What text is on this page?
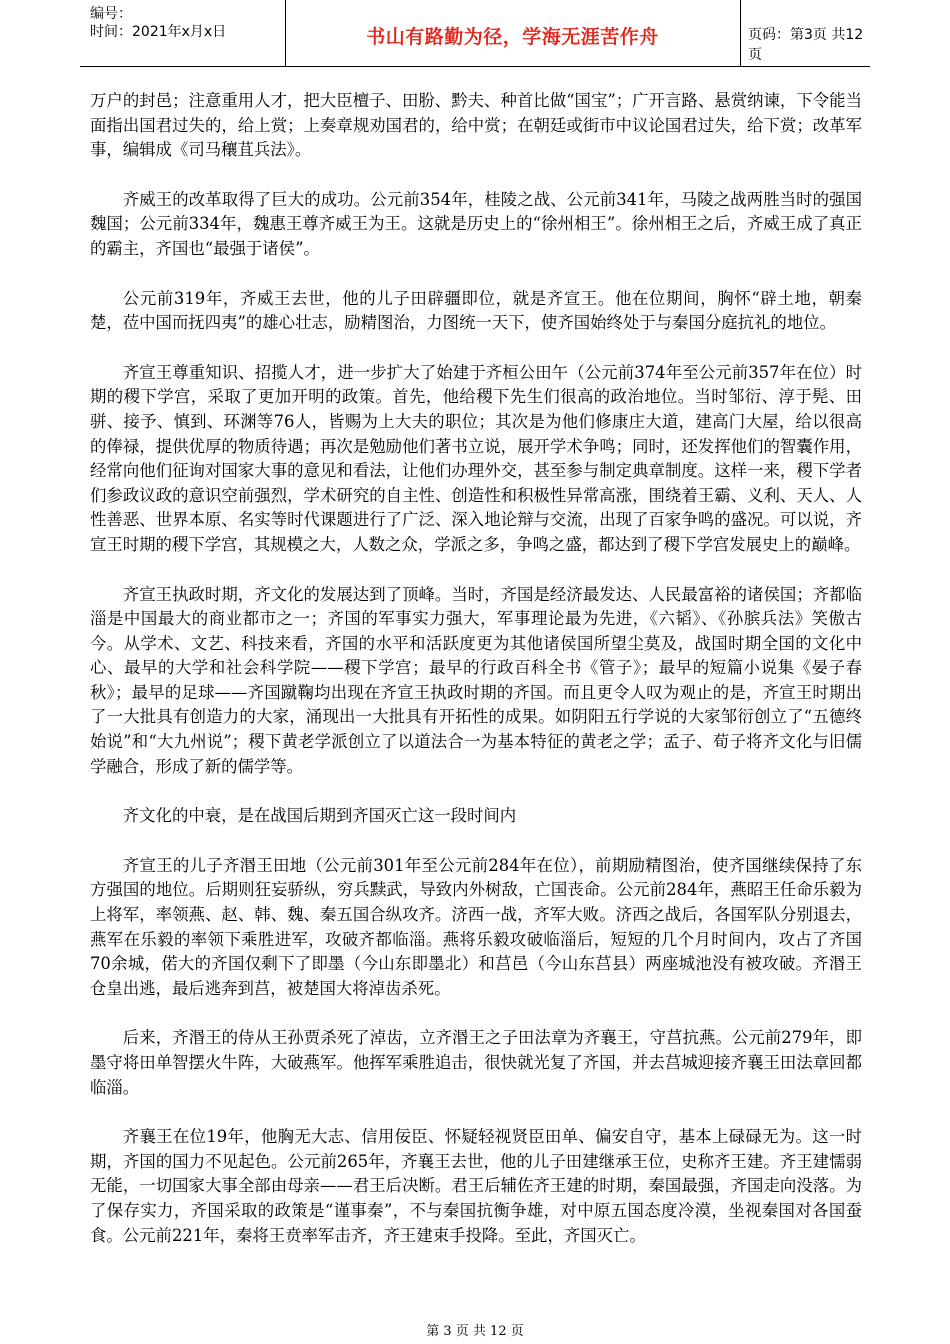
编号：
时间：2021年x月x日	书山有路勤为径，学海无涯苦作舟	页码：第3页 共12页

万户的封邑；注意重用人才，把大臣檀子、田肦、黔夫、种首比做“国宝”；广开言路、悬赏纳谏，下令能当面指出国君过失的，给上赏；上奏章规劝国君的，给中赏；在朝廷或街市中议论国君过失，给下赏；改革军事，编辑成《司马穰苴兵法》。

齐威王的改革取得了巨大的成功。公元前354年，桂陵之战、公元前341年，马陵之战两胜当时的强国魏国；公元前334年，魏惠王尊齐威王为王。这就是历史上的“徐州相王”。徐州相王之后，齐威王成了真正的霸主，齐国也“最强于诸侯”。

公元前319年，齐威王去世，他的儿子田辟疆即位，就是齐宣王。他在位期间，胸怀“辟土地，朝秦楚，莅中国而抚四夷”的雄心壮志，励精图治，力图统一天下，使齐国始终处于与秦国分庭抗礼的地位。

齐宣王尊重知识、招揽人才，进一步扩大了始建于齐桓公田午（公元前374年至公元前357年在位）时期的稷下学宫，采取了更加开明的政策。首先，他给稷下先生们很高的政治地位。当时邹衍、淳于髡、田骈、接予、慎到、环渊等76人，皆赐为上大夫的职位；其次是为他们修康庄大道，建高门大屋，给以很高的俸禄，提供优厚的物质待遇；再次是勉励他们著书立说，展开学术争鸣；同时，还发挥他们的智囊作用，经常向他们征询对国家大事的意见和看法，让他们办理外交，甚至参与制定典章制度。这样一来，稷下学者们参政议政的意识空前强烈，学术研究的自主性、创造性和积极性异常高涨，围绕着王霸、义利、天人、人性善恶、世界本原、名实等时代课题进行了广泛、深入地论辩与交流，出现了百家争鸣的盛况。可以说，齐宣王时期的稷下学宫，其规模之大，人数之众，学派之多，争鸣之盛，都达到了稷下学宫发展史上的巅峰。

齐宣王执政时期，齐文化的发展达到了顶峰。当时，齐国是经济最发达、人民最富裕的诸侯国；齐都临淄是中国最大的商业都市之一；齐国的军事实力强大，军事理论最为先进，《六韬》、《孙膑兵法》笑傲古今。从学术、文艺、科技来看，齐国的水平和活跃度更为其他诸侯国所望尘莫及，战国时期全国的文化中心、最早的大学和社会科学院——稷下学宫；最早的行政百科全书《管子》；最早的短篇小说集《晏子春秋》；最早的足球——齐国蹴鞠均出现在齐宣王执政时期的齐国。而且更令人叹为观止的是，齐宣王时期出了一大批具有创造力的大家，涌现出一大批具有开拓性的成果。如阴阳五行学说的大家邹衍创立了“五德终始说”和“大九州说”；稷下黄老学派创立了以道法合一为基本特征的黄老之学；孟子、荀子将齐文化与旧儒学融合，形成了新的儒学等。

齐文化的中衰，是在战国后期到齐国灭亡这一段时间内

齐宣王的儿子齐湣王田地（公元前301年至公元前284年在位），前期励精图治，使齐国继续保持了东方强国的地位。后期则狂妄骄纵，穷兵黩武，导致内外树敌，亡国丧命。公元前284年，燕昭王任命乐毅为上将军，率领燕、赵、韩、魏、秦五国合纵攻齐。济西一战，齐军大败。济西之战后，各国军队分别退去，燕军在乐毅的率领下乘胜进军，攻破齐都临淄。燕将乐毅攻破临淄后，短短的几个月时间内，攻占了齐国70余城，偌大的齐国仅剩下了即墨（今山东即墨北）和莒邑（今山东莒县）两座城池没有被攻破。齐湣王仓皇出逃，最后逃奔到莒，被楚国大将淖齿杀死。

后来，齐湣王的侍从王孙贾杀死了淖齿，立齐湣王之子田法章为齐襄王，守莒抗燕。公元前279年，即墨守将田单智摆火牛阵，大破燕军。他挥军乘胜追击，很快就光复了齐国，并去莒城迎接齐襄王田法章回都临淄。

齐襄王在位19年，他胸无大志、信用佞臣、怀疑轻视贤臣田单、偏安自守，基本上碌碌无为。这一时期，齐国的国力不见起色。公元前265年，齐襄王去世，他的儿子田建继承王位，史称齐王建。齐王建懦弱无能，一切国家大事全部由母亲——君王后决断。君王后辅佐齐王建的时期，秦国最强，齐国走向没落。为了保存实力，齐国采取的政策是“谨事秦”，不与秦国抗衡争雄，对中原五国态度冷漠，坐视秦国对各国蚕食。公元前221年，秦将王贲率军击齐，齐王建束手投降。至此，齐国灭亡。

第 3 页 共 12 页
